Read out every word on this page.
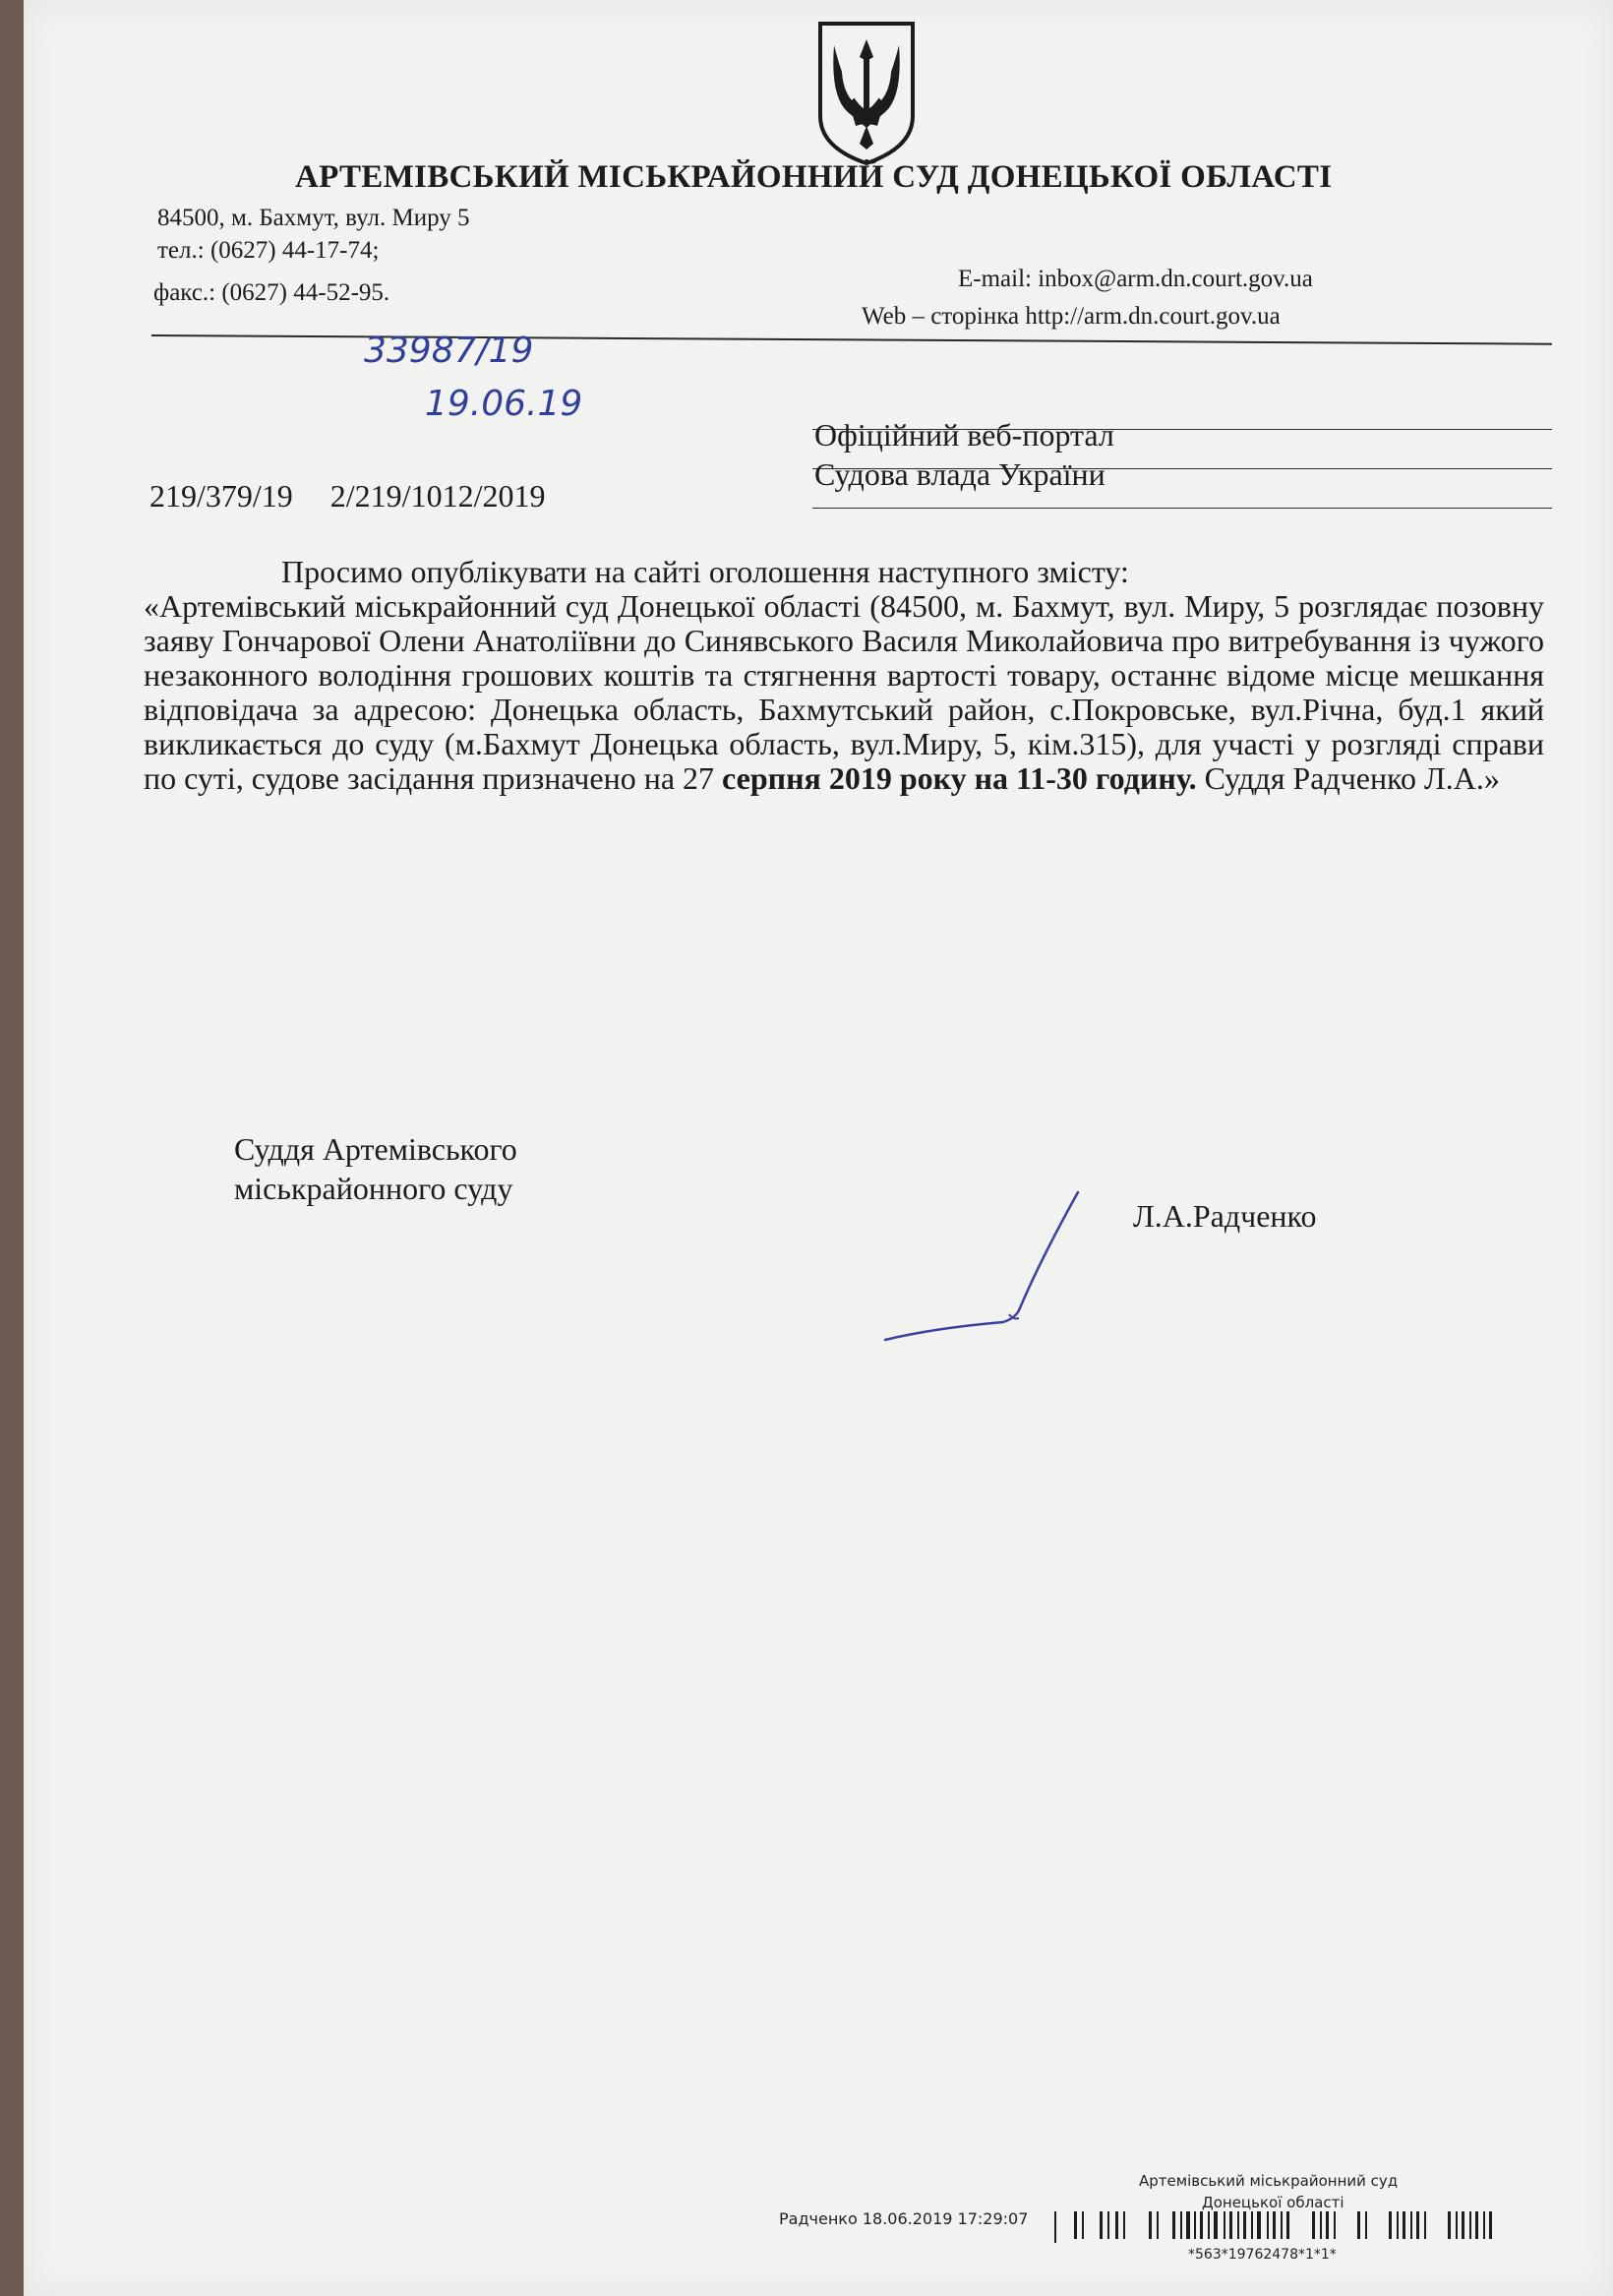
АРТЕМІВСЬКИЙ МІСЬКРАЙОННИЙ СУД ДОНЕЦЬКОЇ ОБЛАСТІ
84500, м. Бахмут, вул. Миру 5
тел.: (0627) 44-17-74;
факс.: (0627) 44-52-95.
E-mail: inbox@arm.dn.court.gov.ua
Web – сторінка http://arm.dn.court.gov.ua
33987/19
19.06.19
Офіційний веб-портал
Судова влада України
219/379/19 2/219/1012/2019

Просимо опублікувати на сайті оголошення наступного змісту:

«Артемівський міськрайонний суд Донецької області (84500, м. Бахмут, вул. Миру, 5 розглядає позовну заяву Гончарової Олени Анатоліївни до Синявського Василя Миколайовича про витребування із чужого незаконного володіння грошових коштів та стягнення вартості товару, останнє відоме місце мешкання відповідача за адресою: Донецька область, Бахмутський район, с.Покровське, вул.Річна, буд.1 який викликається до суду (м.Бахмут Донецька область, вул.Миру, 5, кім.315), для участі у розгляді справи по суті, судове засідання призначено на 27 серпня 2019 року на 11-30 годину. Суддя Радченко Л.А.»

Суддя Артемівського
міськрайонного суду
Л.А.Радченко
Артемівський міськрайонний суд
Донецької області
Радченко 18.06.2019 17:29:07
*563*19762478*1*1*
